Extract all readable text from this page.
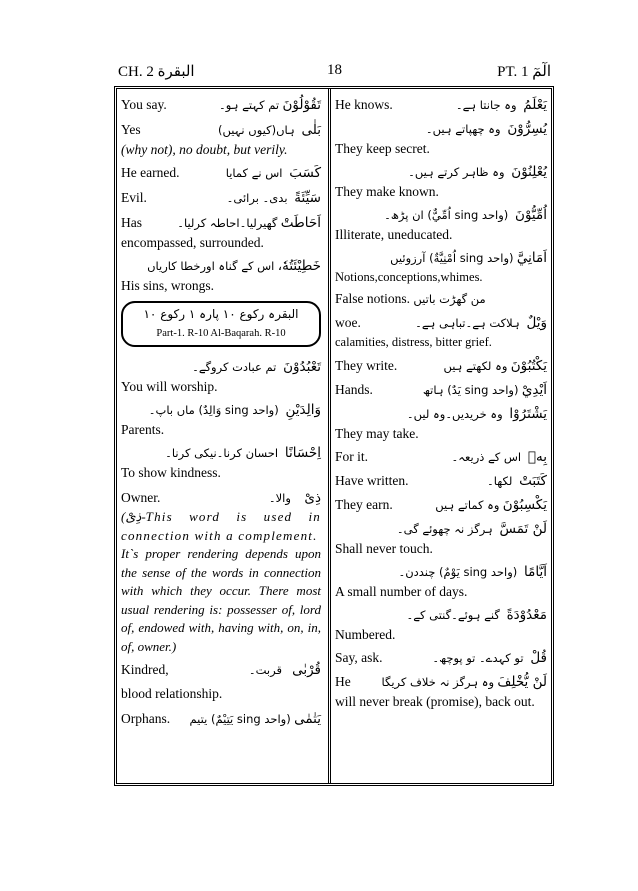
CH. 2 البقرة	18	PT. 1 الٓمٓ
You say.	تم کہتے ہو۔ تَقُوْلُوْنَ
Yes	ہاں(کیوں نہیں) بَلٰى
(why not), no doubt, but verily.
He earned.	اس نے کمایا كَسَبَ
Evil.	بدی۔ برائی۔ سَيِّئَةً
Has	گھیرلیا۔احاطہ کرلیا۔ اَحَاطَتْ
encompassed, surrounded.
خَطِيْئَتُهٗ، اس کے گناہ اورخطا کاریاں
His sins, wrongs.
البقرہ رکوع ۱۰ پارہ ۱ رکوع ۱۰
Part-1. R-10 Al-Baqarah. R-10
تَعْبُدُوْنَ  تم عبادت کروگے۔
You will worship.
وَالِدَيْنِ  (واحد sing وَالِدٌ) ماں باپ۔
Parents.
اِحْسَانًا  احسان کرنا۔نیکی کرنا۔
To show kindness.
Owner.	والا۔ ذِیْ
(ذِیْ-This word is used in connection with a complement.
It`s proper rendering depends upon the sense of the words in connection with which they occur. There most usual rendering is: possesser of, lord of, endowed with, having with, on, in, of, owner.)
Kindred,	قربت۔ قُرْبٰى
blood relationship.
Orphans. (واحد sing يَتِيْمٌ) يتيم يَتٰمٰى
He knows.	وہ جانتا ہے۔ يَعْلَمُ
يُسِرُّوْنَ  وہ چھپاتے ہیں۔
They keep secret.
يُعْلِنُوْنَ  وہ ظاہر کرتے ہیں۔
They make known.
اُمِّيُّوْنَ  (واحد sing اُمِّيٌّ) ان پڑھ۔
Illiterate, uneducated.
اَمَانِيَّ (واحد sing اُمْنِيَّةٌ) آرزوئیں
Notions,conceptions,whimes.
False notions. من گھڑت باتیں
woe.	ہلاکت ہے۔تباہی ہے۔ وَيْلٌ
calamities, distress, bitter grief.
They write.	وہ لکھتے ہیں يَكْتُبُوْنَ
Hands.	(واحد sing يَدٌ) ہاتھ اَيْدِيْ
يَشْتَرُوْا  وہ خریدیں۔وہ لیں۔
They may take.
For it.	اس کے ذریعہ۔ بِهٖ
Have written.	لکھا۔ كَتَبَتْ
They earn.	وہ کماتے ہیں يَكْسِبُوْنَ
لَنْ تَمَسَّ  ہرگز نہ چھوئے گی۔
Shall never touch.
اَيَّامًا  (واحد sing يَوْمٌ) چنددن۔
A small number of days.
مَعْدُوْدَةً  گنے ہوئے۔گنتی کے۔
Numbered.
Say, ask.	تو کہدے۔ تو پوچھ۔ قُلْ
He	وہ ہرگز نہ خلاف کریگا لَنْ يُّخْلِفَ
will never break (promise), back out.
